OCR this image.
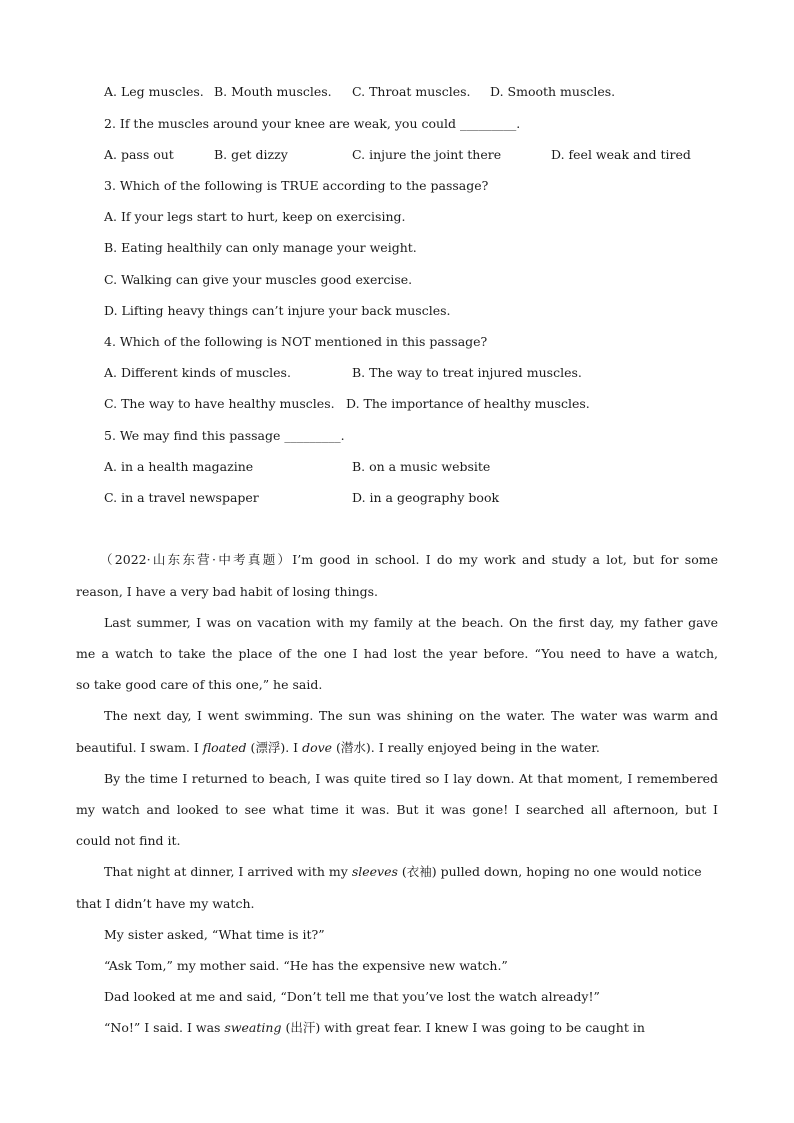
A. Leg muscles. B. Mouth muscles. C. Throat muscles. D. Smooth muscles.
2. If the muscles around your knee are weak, you could _________.
A. pass out	B. get dizzy	C. injure the joint there	D. feel weak and tired
3. Which of the following is TRUE according to the passage?
A. If your legs start to hurt, keep on exercising.
B. Eating healthily can only manage your weight.
C. Walking can give your muscles good exercise.
D. Lifting heavy things can’t injure your back muscles.
4. Which of the following is NOT mentioned in this passage?
A. Different kinds of muscles.	B. The way to treat injured muscles.
C. The way to have healthy muscles. D. The importance of healthy muscles.
5. We may find this passage _________.
A. in a health magazine	B. on a music website
C. in a travel newspaper	D. in a geography book
（2022·山东东营·中考真题）I’m good in school. I do my work and study a lot, but for some
reason, I have a very bad habit of losing things.
Last summer, I was on vacation with my family at the beach. On the first day, my father gave
me a watch to take the place of the one I had lost the year before. “You need to have a watch,
so take good care of this one,” he said.
The next day, I went swimming. The sun was shining on the water. The water was warm and
beautiful. I swam. I floated (漂浮). I dove (潜水). I really enjoyed being in the water.
By the time I returned to beach, I was quite tired so I lay down. At that moment, I remembered
my watch and looked to see what time it was. But it was gone! I searched all afternoon, but I
could not find it.
That night at dinner, I arrived with my sleeves (衣袖) pulled down, hoping no one would notice
that I didn’t have my watch.
My sister asked, “What time is it?”
“Ask Tom,” my mother said. “He has the expensive new watch.”
Dad looked at me and said, “Don’t tell me that you’ve lost the watch already!”
“No!” I said. I was sweating (出汗) with great fear. I knew I was going to be caught in
